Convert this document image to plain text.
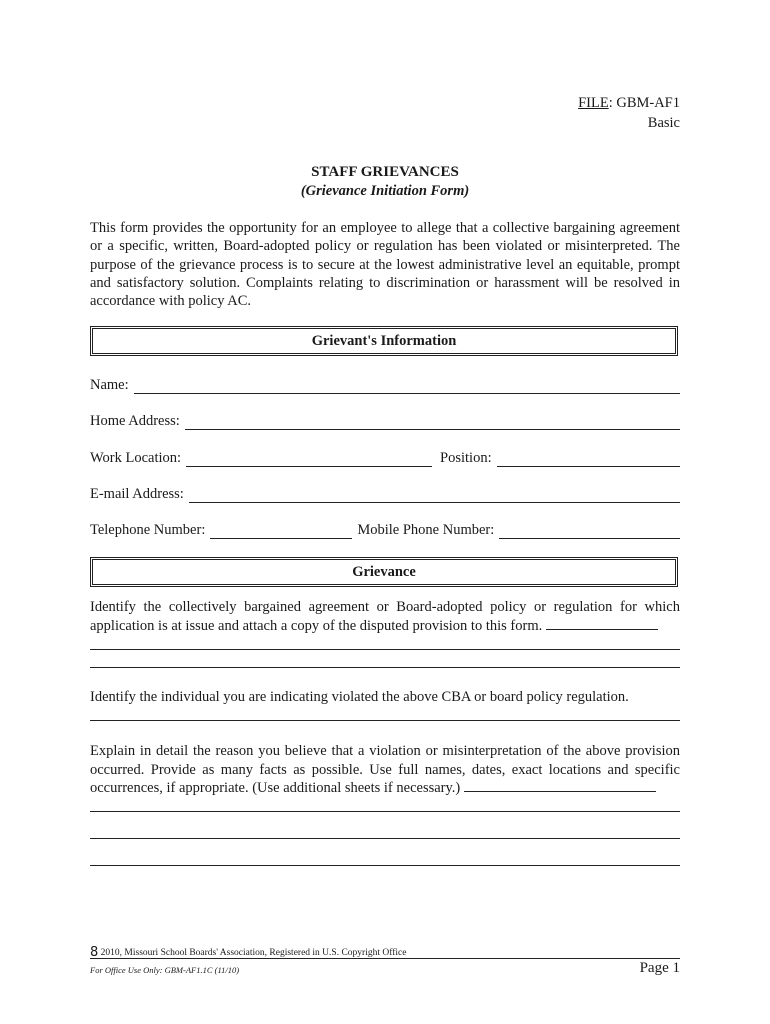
FILE: GBM-AF1
Basic
STAFF GRIEVANCES
(Grievance Initiation Form)
This form provides the opportunity for an employee to allege that a collective bargaining agreement or a specific, written, Board-adopted policy or regulation has been violated or misinterpreted. The purpose of the grievance process is to secure at the lowest administrative level an equitable, prompt and satisfactory solution. Complaints relating to discrimination or harassment will be resolved in accordance with policy AC.
Grievant's Information
Name:
Home Address:
Work Location:	Position:
E-mail Address:
Telephone Number:	Mobile Phone Number:
Grievance
Identify the collectively bargained agreement or Board-adopted policy or regulation for which application is at issue and attach a copy of the disputed provision to this form.
Identify the individual you are indicating violated the above CBA or board policy regulation.
Explain in detail the reason you believe that a violation or misinterpretation of the above provision occurred. Provide as many facts as possible. Use full names, dates, exact locations and specific occurrences, if appropriate. (Use additional sheets if necessary.)
8 2010, Missouri School Boards' Association, Registered in U.S. Copyright Office
For Office Use Only: GBM-AF1.1C (11/10)	Page 1
